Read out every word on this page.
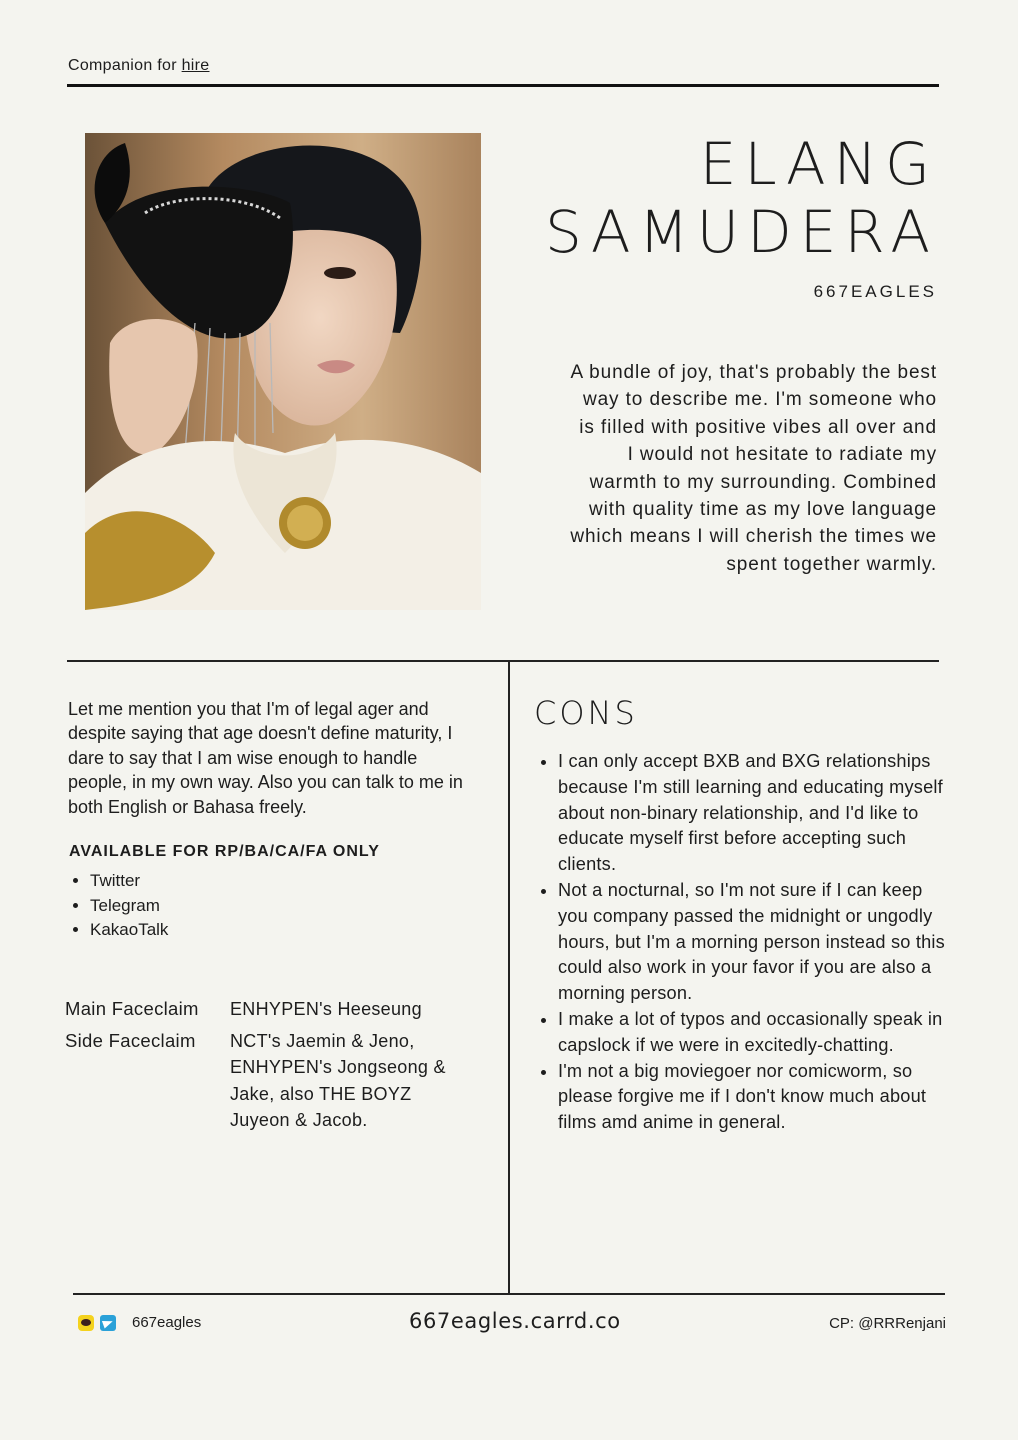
Companion for hire
ELANG
SAMUDERA
667EAGLES

A bundle of joy, that's probably the best way to describe me. I'm someone who is filled with positive vibes all over and I would not hesitate to radiate my warmth to my surrounding. Combined with quality time as my love language which means I will cherish the times we spent together warmly.

Let me mention you that I'm of legal ager and despite saying that age doesn't define maturity, I dare to say that I am wise enough to handle people, in my own way. Also you can talk to me in both English or Bahasa freely.

AVAILABLE FOR RP/BA/CA/FA ONLY
• Twitter
• Telegram
• KakaoTalk
Main Faceclaim	ENHYPEN's Heeseung
Side Faceclaim	NCT's Jaemin & Jeno, ENHYPEN's Jongseong & Jake, also THE BOYZ Juyeon & Jacob.
CONS
• I can only accept BXB and BXG relationships because I'm still learning and educating myself about non-binary relationship, and I'd like to educate myself first before accepting such clients.
• Not a nocturnal, so I'm not sure if I can keep you company passed the midnight or ungodly hours, but I'm a morning person instead so this could also work in your favor if you are also a morning person.
• I make a lot of typos and occasionally speak in capslock if we were in excitedly-chatting.
• I'm not a big moviegoer nor comicworm, so please forgive me if I don't know much about films amd anime in general.
667eagles	667eagles.carrd.co	CP: @RRRenjani
